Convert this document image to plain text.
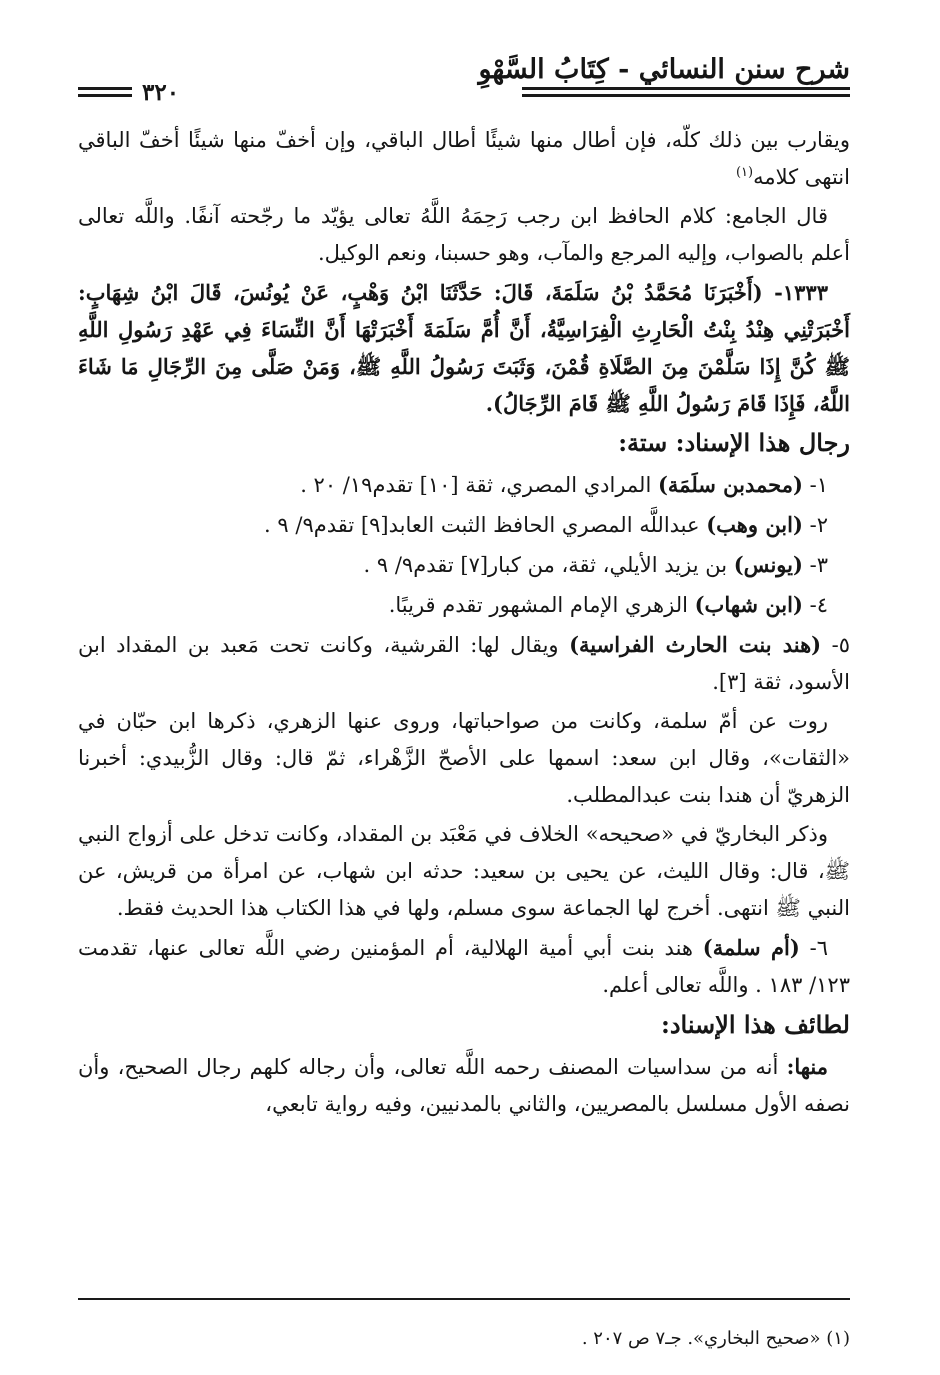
شرح سنن النسائي - كِتَابُ السَّهْوِ
٣٢٠

ويقارب بين ذلك كلّه، فإن أطال منها شيئًا أطال الباقي، وإن أخفّ منها شيئًا أخفّ الباقي انتهى كلامه$^{(١)}$

قال الجامع: كلام الحافظ ابن رجب رَحِمَهُ اللَّهُ تعالى يؤيّد ما رجّحته آنفًا. واللَّه تعالى أعلم بالصواب، وإليه المرجع والمآب، وهو حسبنا، ونعم الوكيل.

١٣٣٣- (أَخْبَرَنَا مُحَمَّدُ بْنُ سَلَمَةَ، قَالَ: حَدَّثَنَا ابْنُ وَهْبٍ، عَنْ يُونُسَ، قَالَ ابْنُ شِهَابٍ: أَخْبَرَتْنِي هِنْدُ بِنْتُ الْحَارِثِ الْفِرَاسِيَّةُ، أَنَّ أُمَّ سَلَمَةَ أَخْبَرَتْهَا أَنَّ النِّسَاءَ فِي عَهْدِ رَسُولِ اللَّهِ ﷺ كُنَّ إِذَا سَلَّمْنَ مِنَ الصَّلَاةِ قُمْنَ، وَثَبَتَ رَسُولُ اللَّهِ ﷺ، وَمَنْ صَلَّى مِنَ الرِّجَالِ مَا شَاءَ اللَّهُ، فَإِذَا قَامَ رَسُولُ اللَّهِ ﷺ قَامَ الرِّجَالُ).

رجال هذا الإسناد: ستة:

١- (محمدبن سلَمَة) المرادي المصري، ثقة [١٠] تقدم١٩/ ٢٠ .

٢- (ابن وهب) عبداللَّه المصري الحافظ الثبت العابد[٩] تقدم٩/ ٩ .

٣- (يونس) بن يزيد الأيلي، ثقة، من كبار[٧] تقدم٩/ ٩ .

٤- (ابن شهاب) الزهري الإمام المشهور تقدم قريبًا.

٥- (هند بنت الحارث الفراسية) ويقال لها: القرشية، وكانت تحت مَعبد بن المقداد ابن الأسود، ثقة [٣].

روت عن أمّ سلمة، وكانت من صواحباتها، وروى عنها الزهري، ذكرها ابن حبّان في «الثقات»، وقال ابن سعد: اسمها على الأصحّ الزَّهْراء، ثمّ قال: وقال الزُّبيدي: أخبرنا الزهريّ أن هندا بنت عبدالمطلب.

وذكر البخاريّ في «صحيحه» الخلاف في مَعْبَد بن المقداد، وكانت تدخل على أزواج النبي ﷺ، قال: وقال الليث، عن يحيى بن سعيد: حدثه ابن شهاب، عن امرأة من قريش، عن النبي ﷺ انتهى. أخرج لها الجماعة سوى مسلم، ولها في هذا الكتاب هذا الحديث فقط.

٦- (أم سلمة) هند بنت أبي أمية الهلالية، أم المؤمنين رضي اللَّه تعالى عنها، تقدمت ١٢٣/ ١٨٣ . واللَّه تعالى أعلم.

لطائف هذا الإسناد:

منها: أنه من سداسيات المصنف رحمه اللَّه تعالى، وأن رجاله كلهم رجال الصحيح، وأن نصفه الأول مسلسل بالمصريين، والثاني بالمدنيين، وفيه رواية تابعي،

(١) «صحيح البخاري». جـ٧ ص ٢٠٧ .
